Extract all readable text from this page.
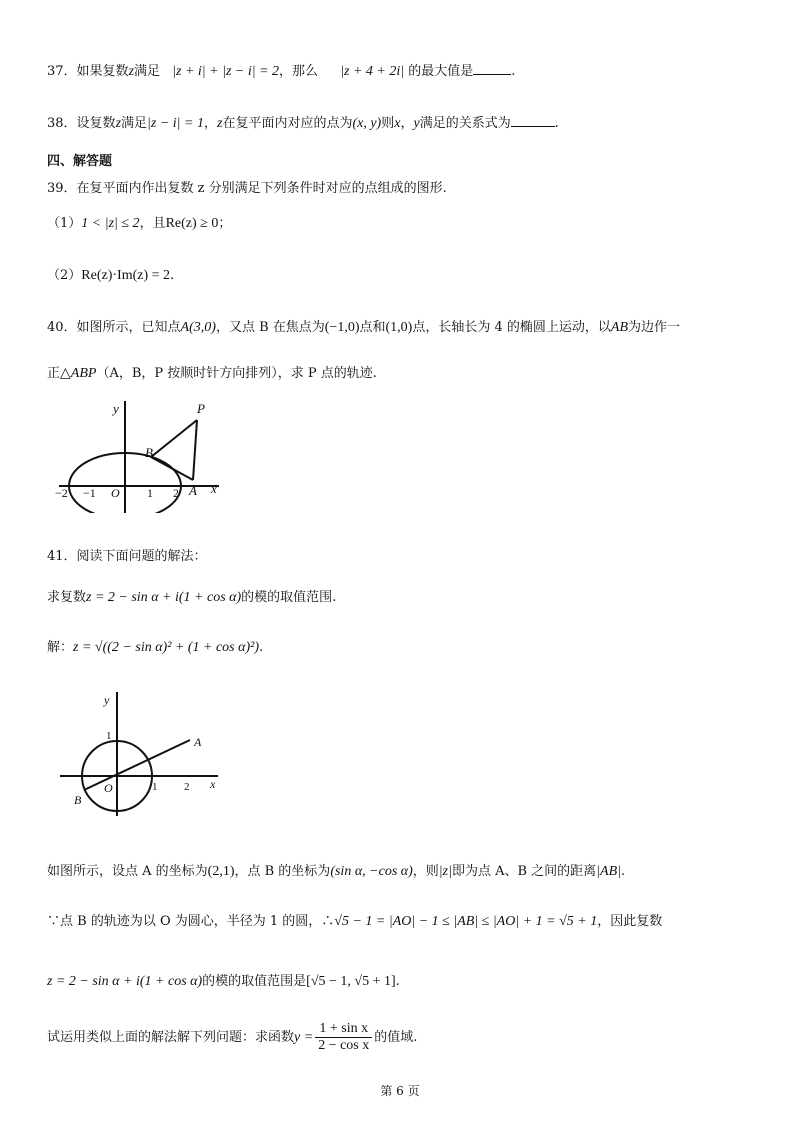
37．如果复数z满足 |z + i| + |z − i| = 2，那么 |z + 4 + 2i| 的最大值是	.
38．设复数z满足|z − i| = 1，z在复平面内对应的点为(x, y)则x，y满足的关系式为	.
四、解答题
39．在复平面内作出复数 z 分别满足下列条件时对应的点组成的图形.
（1）1 < |z| ≤ 2，且Re(z) ≥ 0；
（2）Re(z)·Im(z) = 2.
40．如图所示，已知点A(3,0)，又点 B 在焦点为(−1,0)点和(1,0)点，长轴长为 4 的椭圆上运动，以AB为边作一
正△ABP（A，B，P 按顺时针方向排列），求 P 点的轨迹.
y
x
P
B
A
−2 −1 O 1 2
41．阅读下面问题的解法：
求复数z = 2 − sin α + i(1 + cos α)的模的取值范围.
解：z = √((2 − sin α)² + (1 + cos α)²).
y
x
A
B
O
1
1 2
如图所示，设点 A 的坐标为(2,1)，点 B 的坐标为(sin α, −cos α)，则|z|即为点 A、B 之间的距离|AB|.
∵点 B 的轨迹为以 O 为圆心，半径为 1 的圆，∴√5 − 1 = |AO| − 1 ≤ |AB| ≤ |AO| + 1 = √5 + 1，因此复数
z = 2 − sin α + i(1 + cos α)的模的取值范围是[√5 − 1, √5 + 1].
试运用类似上面的解法解下列问题：求函数$y = \frac{\text{1 + sin x}}{\text{2 − cos x}}$ 的值域.
第 6 页
